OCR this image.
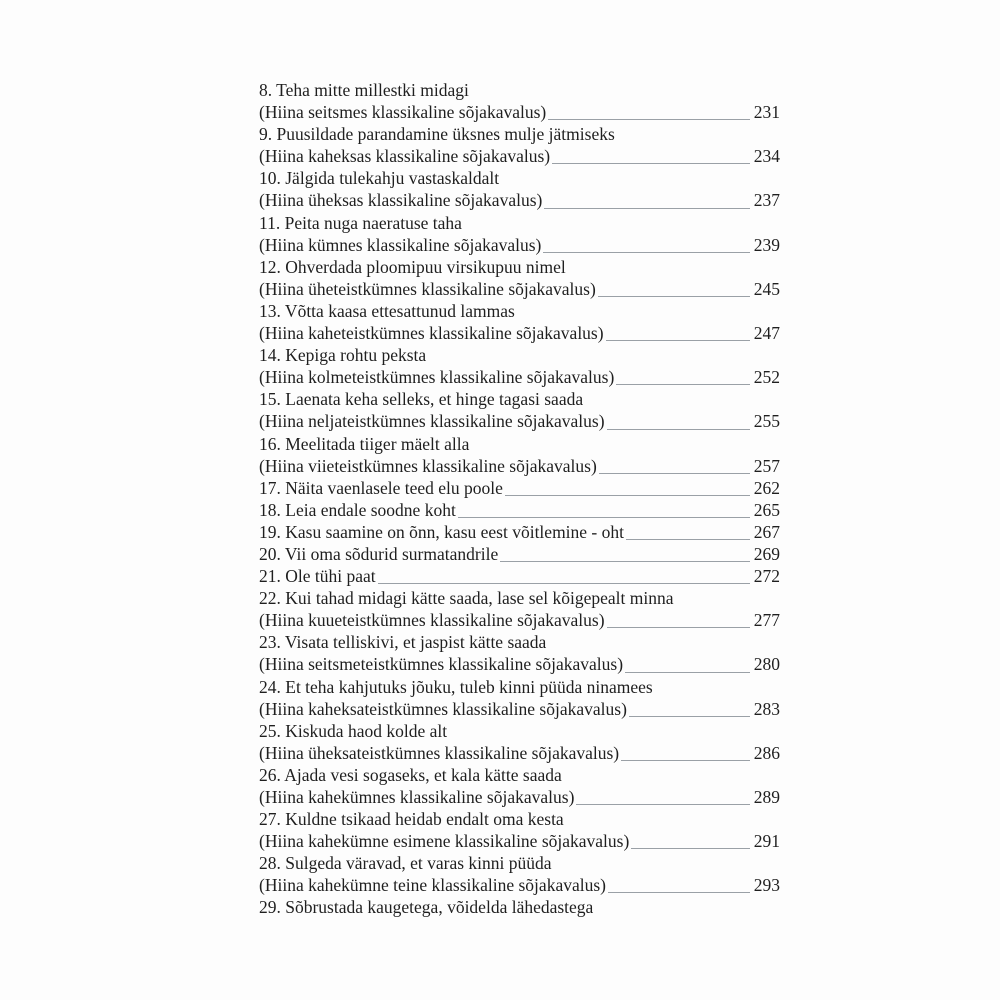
8. Teha mitte millestki midagi
(Hiina seitsmes klassikaline sõjakavalus)	231
9. Puusildade parandamine üksnes mulje jätmiseks
(Hiina kaheksas klassikaline sõjakavalus)	234
10. Jälgida tulekahju vastaskaldalt
(Hiina üheksas klassikaline sõjakavalus)	237
11. Peita nuga naeratuse taha
(Hiina kümnes klassikaline sõjakavalus)	239
12. Ohverdada ploomipuu virsikupuu nimel
(Hiina üheteistkümnes klassikaline sõjakavalus)	245
13. Võtta kaasa ettesattunud lammas
(Hiina kaheteistkümnes klassikaline sõjakavalus)	247
14. Kepiga rohtu peksta
(Hiina kolmeteistkümnes klassikaline sõjakavalus)	252
15. Laenata keha selleks, et hinge tagasi saada
(Hiina neljateistkümnes klassikaline sõjakavalus)	255
16. Meelitada tiiger mäelt alla
(Hiina viieteistkümnes klassikaline sõjakavalus)	257
17. Näita vaenlasele teed elu poole	262
18. Leia endale soodne koht	265
19. Kasu saamine on õnn, kasu eest võitlemine - oht	267
20. Vii oma sõdurid surmatandrile	269
21. Ole tühi paat	272
22. Kui tahad midagi kätte saada, lase sel kõigepealt minna
(Hiina kuueteistkümnes klassikaline sõjakavalus)	277
23. Visata telliskivi, et jaspist kätte saada
(Hiina seitsmeteistkümnes klassikaline sõjakavalus)	280
24. Et teha kahjutuks jõuku, tuleb kinni püüda ninamees
(Hiina kaheksateistkümnes klassikaline sõjakavalus)	283
25. Kiskuda haod kolde alt
(Hiina üheksateistkümnes klassikaline sõjakavalus)	286
26. Ajada vesi sogaseks, et kala kätte saada
(Hiina kahekümnes klassikaline sõjakavalus)	289
27. Kuldne tsikaad heidab endalt oma kesta
(Hiina kahekümne esimene klassikaline sõjakavalus)	291
28. Sulgeda väravad, et varas kinni püüda
(Hiina kahekümne teine klassikaline sõjakavalus)	293
29. Sõbrustada kaugetega, võidelda lähedastega
